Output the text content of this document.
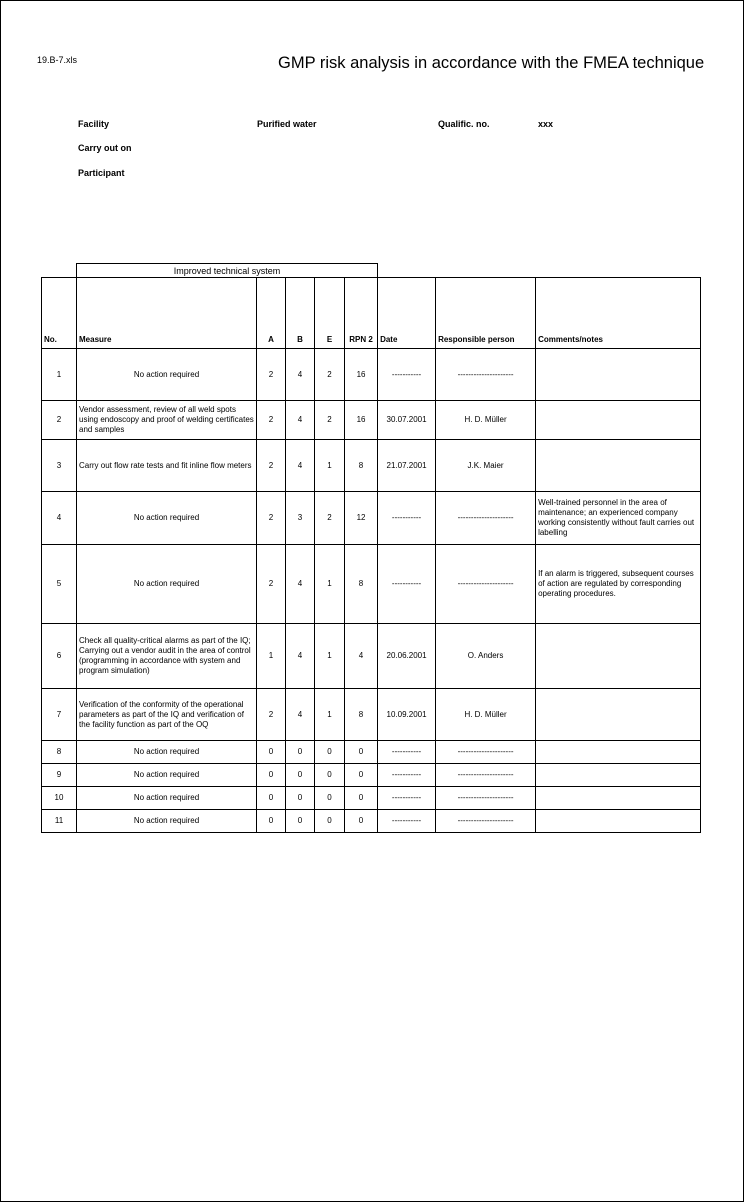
19.B-7.xls	GMP risk analysis in accordance with the FMEA technique
Facility	Purified water	Qualific. no.	xxx
Carry out on
Participant
	Improved technical system							
No.	Measure	A	B	E	RPN 2	Date	Responsible person	Comments/notes
1	No action required	2	4	2	16	-----------	---------------------	
2	Vendor assessment, review of all weld spots using endoscopy and proof of welding certificates and samples	2	4	2	16	30.07.2001	H. D. Müller	
3	Carry out flow rate tests and fit inline flow meters	2	4	1	8	21.07.2001	J.K. Maier	
4	No action required	2	3	2	12	-----------	---------------------	Well-trained personnel in the area of maintenance; an experienced company working consistently without fault carries out labelling
5	No action required	2	4	1	8	-----------	---------------------	If an alarm is triggered, subsequent courses of action are regulated by corresponding operating procedures.
6	Check all quality-critical alarms as part of the IQ; Carrying out a vendor audit in the area of control (programming in accordance with system and program simulation)	1	4	1	4	20.06.2001	O. Anders	
7	Verification of the conformity of the operational parameters as part of the IQ and verification of the facility function as part of the OQ	2	4	1	8	10.09.2001	H. D. Müller	
8	No action required	0	0	0	0	-----------	---------------------	
9	No action required	0	0	0	0	-----------	---------------------	
10	No action required	0	0	0	0	-----------	---------------------	
11	No action required	0	0	0	0	-----------	---------------------	
